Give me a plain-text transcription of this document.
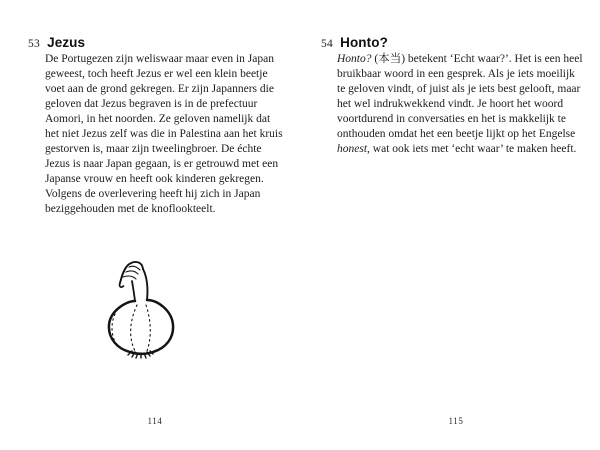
53 Jezus

De Portugezen zijn weliswaar maar even in Japan geweest, toch heeft Jezus er wel een klein beetje voet aan de grond gekregen. Er zijn Japanners die geloven dat Jezus begraven is in de prefectuur Aomori, in het noorden. Ze geloven namelijk dat het niet Jezus zelf was die in Palestina aan het kruis gestorven is, maar zijn tweelingbroer. De échte Jezus is naar Japan gegaan, is er getrouwd met een Japanse vrouw en heeft ook kinderen gekregen. Volgens de overlevering heeft hij zich in Japan beziggehouden met de knoflookteelt.

114
54 Honto?

Honto? (本当) betekent ‘Echt waar?’. Het is een heel bruikbaar woord in een gesprek. Als je iets moeilijk te geloven vindt, of juist als je iets best gelooft, maar het wel indrukwekkend vindt. Je hoort het woord voortdurend in conversaties en het is makkelijk te onthouden omdat het een beetje lijkt op het Engelse honest, wat ook iets met ‘echt waar’ te maken heeft.

115
